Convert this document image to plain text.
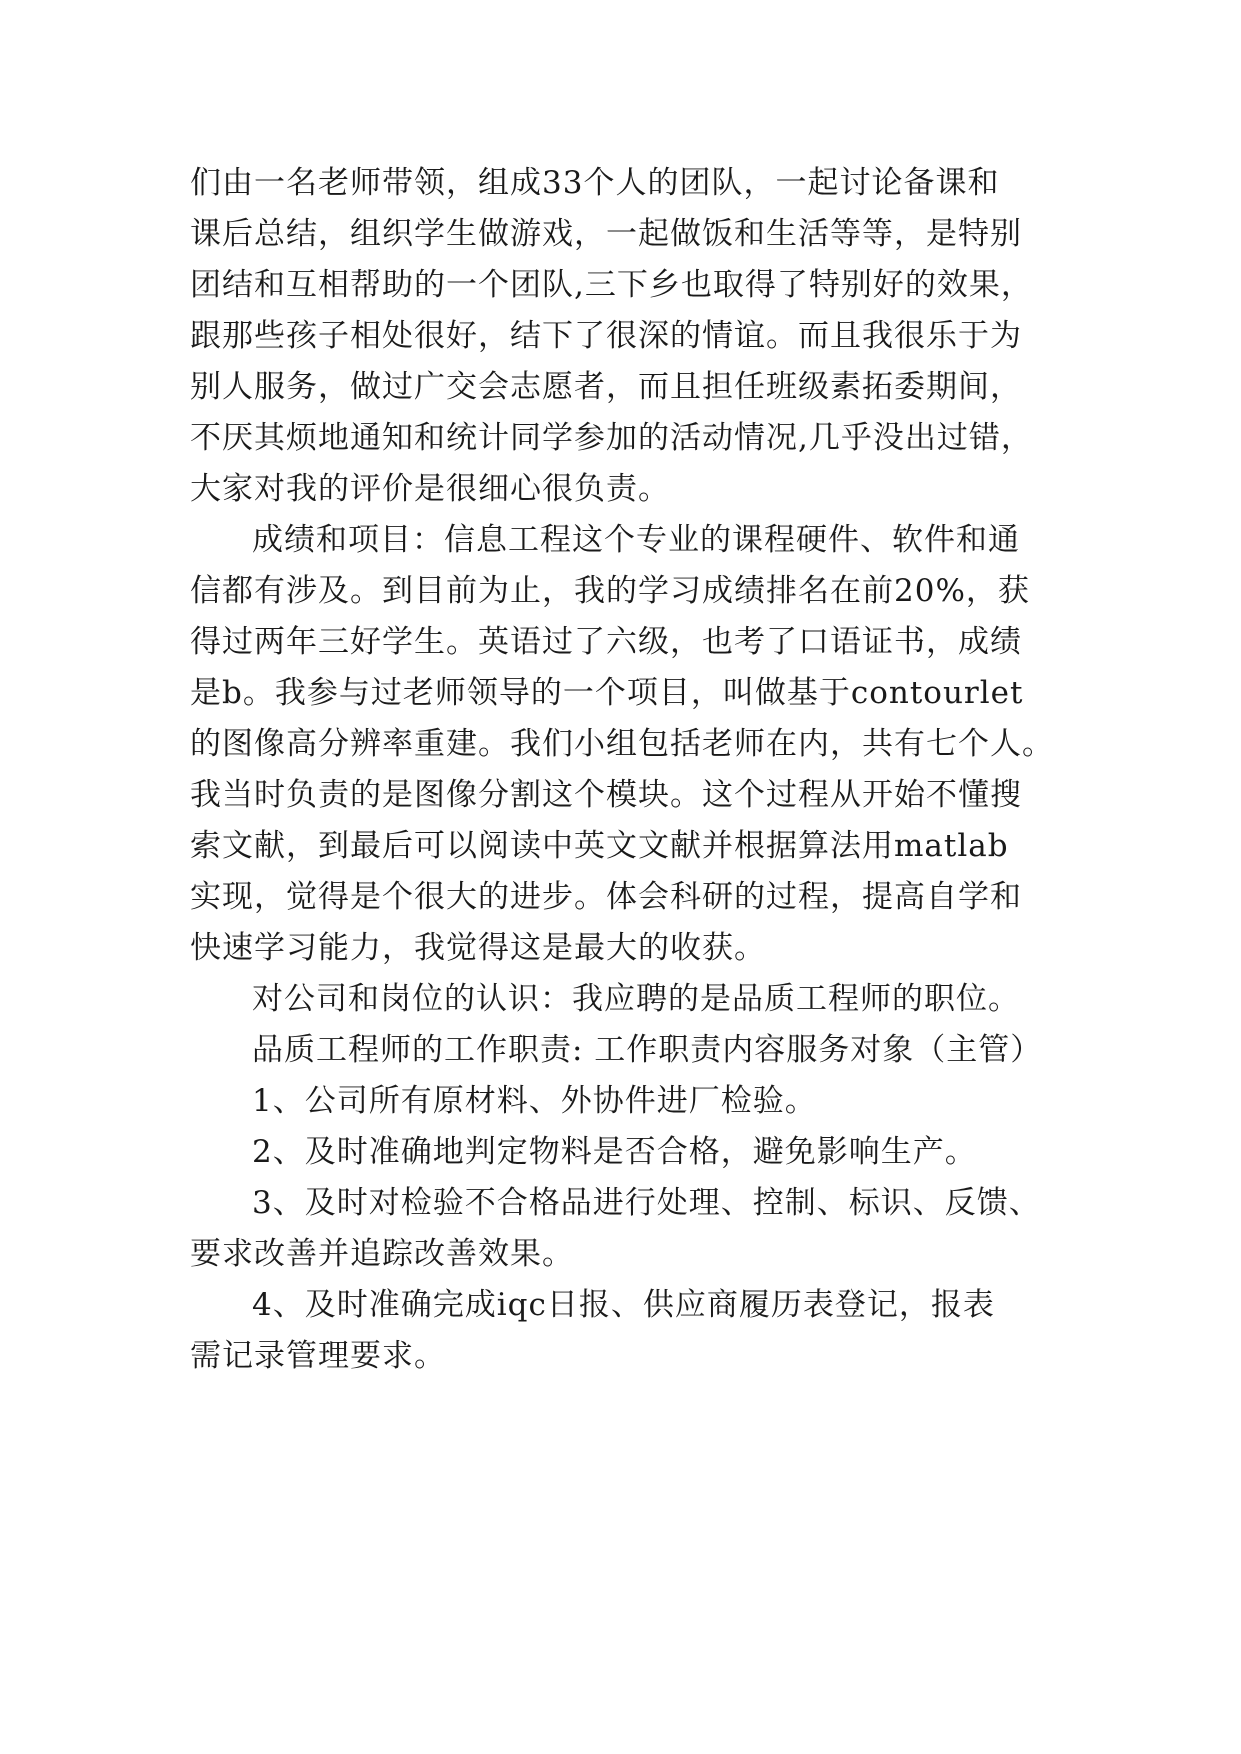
们由一名老师带领，组成33个人的团队，一起讨论备课和
课后总结，组织学生做游戏，一起做饭和生活等等，是特别
团结和互相帮助的一个团队,三下乡也取得了特别好的效果，
跟那些孩子相处很好，结下了很深的情谊。而且我很乐于为
别人服务，做过广交会志愿者，而且担任班级素拓委期间，
不厌其烦地通知和统计同学参加的活动情况,几乎没出过错，
大家对我的评价是很细心很负责。
成绩和项目：信息工程这个专业的课程硬件、软件和通
信都有涉及。到目前为止，我的学习成绩排名在前20%，获
得过两年三好学生。英语过了六级，也考了口语证书，成绩
是b。我参与过老师领导的一个项目，叫做基于contourlet
的图像高分辨率重建。我们小组包括老师在内，共有七个人。
我当时负责的是图像分割这个模块。这个过程从开始不懂搜
索文献，到最后可以阅读中英文文献并根据算法用matlab
实现，觉得是个很大的进步。体会科研的过程，提高自学和
快速学习能力，我觉得这是最大的收获。
对公司和岗位的认识：我应聘的是品质工程师的职位。
品质工程师的工作职责: 工作职责内容服务对象（主管）
1、公司所有原材料、外协件进厂检验。
2、及时准确地判定物料是否合格，避免影响生产。
3、及时对检验不合格品进行处理、控制、标识、反馈、
要求改善并追踪改善效果。
4、及时准确完成iqc日报、供应商履历表登记，报表
需记录管理要求。
